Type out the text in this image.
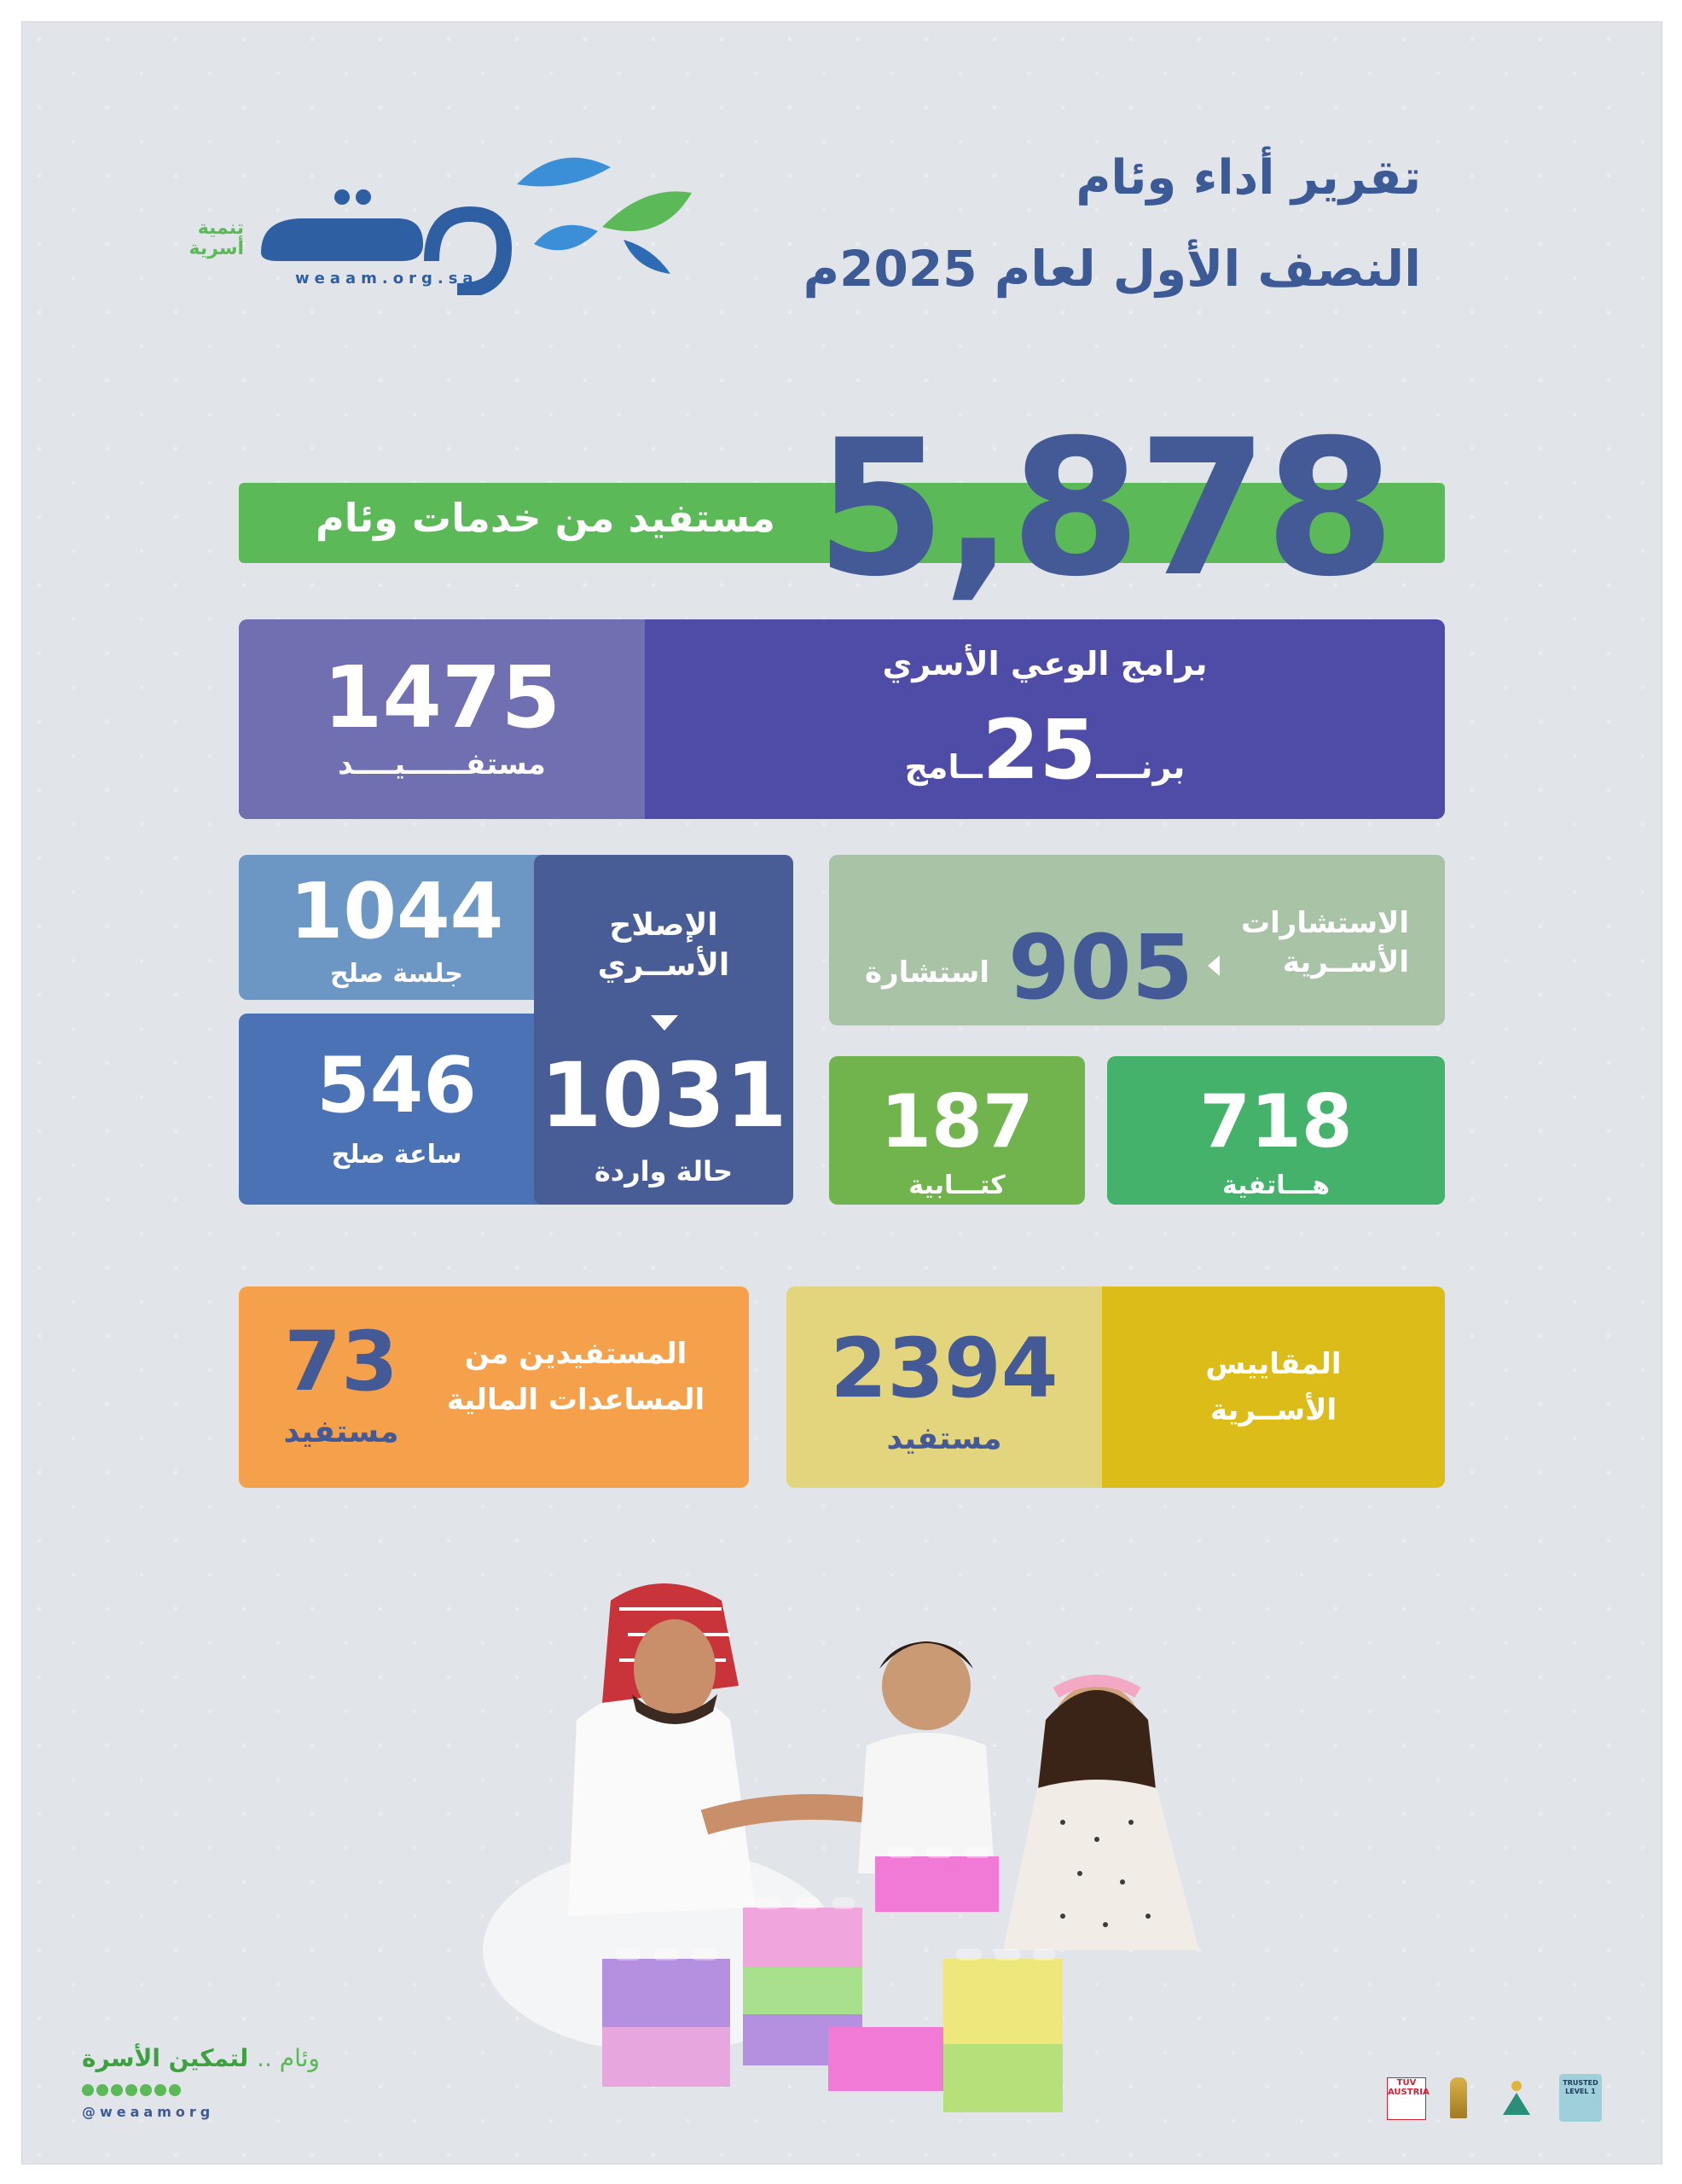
تقرير أداء وئام
النصف الأول لعام 2025م
تنمية
أسرية
weaam.org.sa
مستفيد من خدمات وئام 5,878
1475
مستفــــــيــــد
برامج الوعي الأسري
برنــــ25ــامج
1044
جلسة صلح
546
ساعة صلح
الإصلاح
الأســري
1031
حالة واردة
الاستشارات
الأســرية
905
استشارة
187
كتـــابية
718
هـــاتفية
المستفيدين من
المساعدات المالية
73
مستفيد
المقاييس
الأســرية
2394
مستفيد
وئام .. لتمكين الأسرة
@weaamorg
TÜV AUSTRIA
TRUSTED LEVEL 1
